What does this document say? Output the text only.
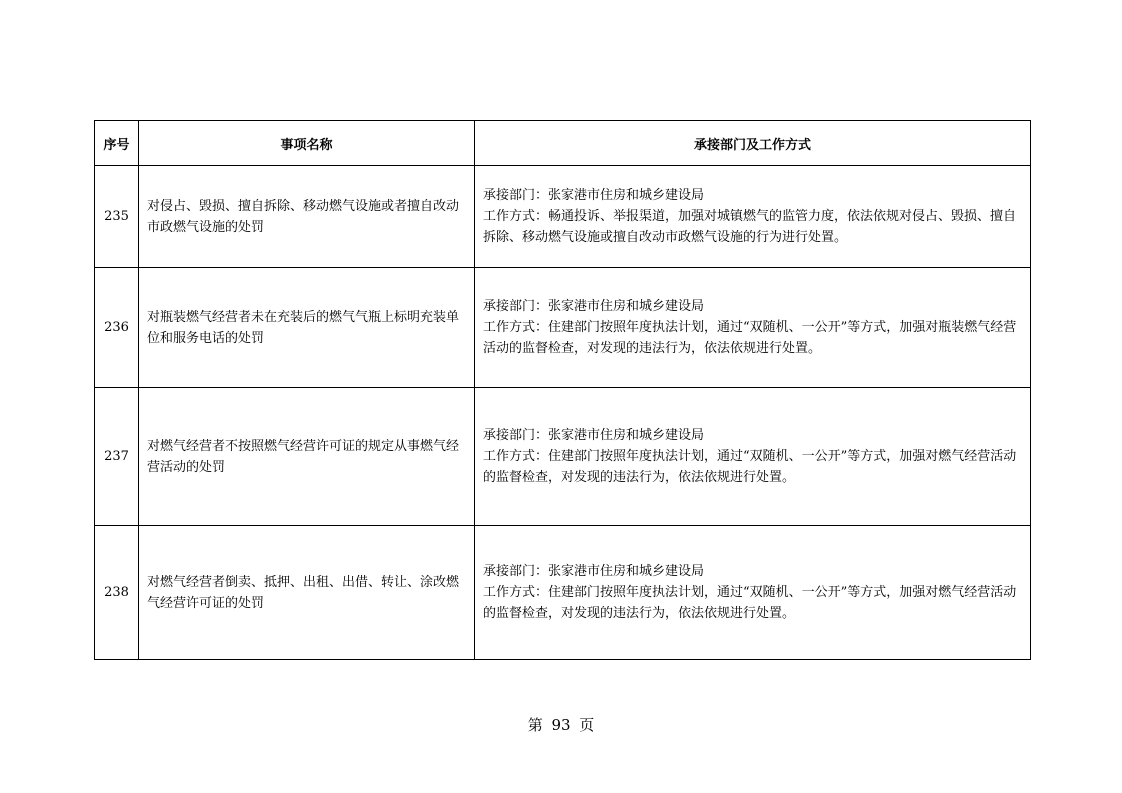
序号	事项名称	承接部门及工作方式
235	对侵占、毁损、擅自拆除、移动燃气设施或者擅自改动市政燃气设施的处罚	承接部门：张家港市住房和城乡建设局
工作方式：畅通投诉、举报渠道，加强对城镇燃气的监管力度，依法依规对侵占、毁损、擅自拆除、移动燃气设施或擅自改动市政燃气设施的行为进行处置。

236	对瓶装燃气经营者未在充装后的燃气气瓶上标明充装单位和服务电话的处罚	承接部门：张家港市住房和城乡建设局
工作方式：住建部门按照年度执法计划，通过“双随机、一公开”等方式，加强对瓶装燃气经营活动的监督检查，对发现的违法行为，依法依规进行处置。

237	对燃气经营者不按照燃气经营许可证的规定从事燃气经营活动的处罚	承接部门：张家港市住房和城乡建设局
工作方式：住建部门按照年度执法计划，通过“双随机、一公开”等方式，加强对燃气经营活动的监督检查，对发现的违法行为，依法依规进行处置。

238	对燃气经营者倒卖、抵押、出租、出借、转让、涂改燃气经营许可证的处罚	承接部门：张家港市住房和城乡建设局
工作方式：住建部门按照年度执法计划，通过“双随机、一公开”等方式，加强对燃气经营活动的监督检查，对发现的违法行为，依法依规进行处置。
第 93 页
